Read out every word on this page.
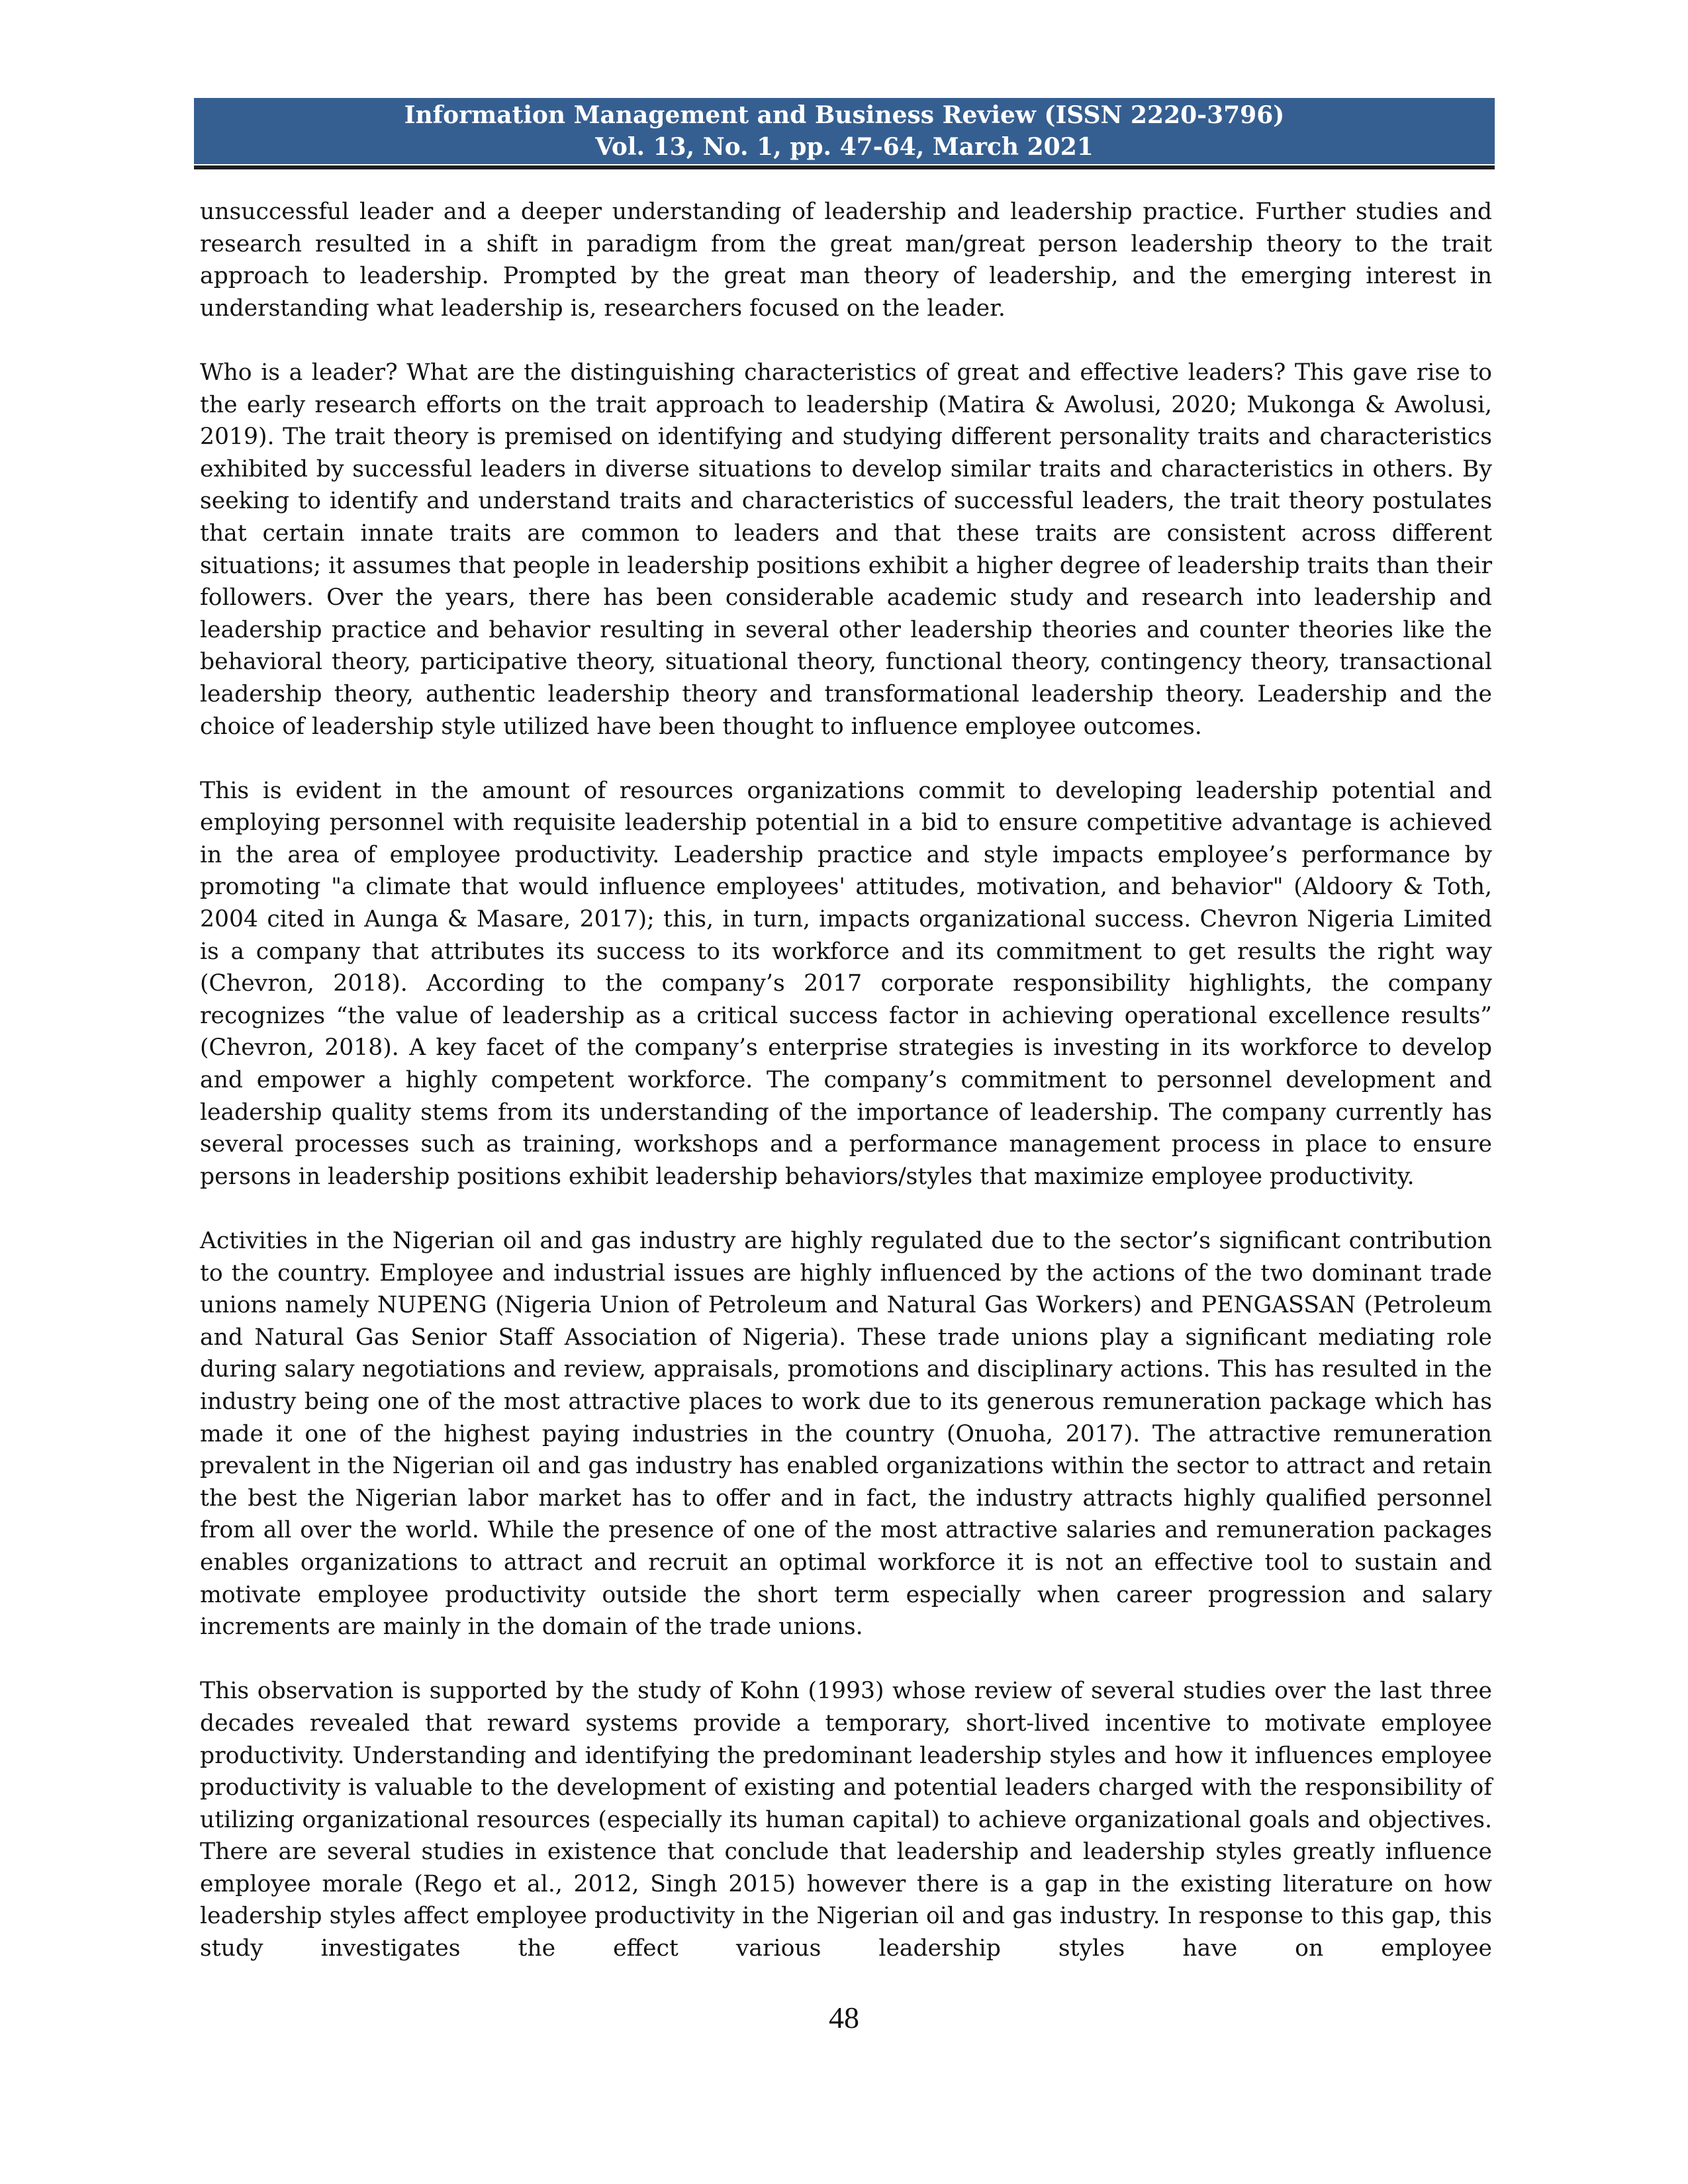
Information Management and Business Review (ISSN 2220-3796)
Vol. 13, No. 1, pp. 47-64, March 2021

unsuccessful leader and a deeper understanding of leadership and leadership practice. Further studies and research resulted in a shift in paradigm from the great man/great person leadership theory to the trait approach to leadership. Prompted by the great man theory of leadership, and the emerging interest in understanding what leadership is, researchers focused on the leader.

Who is a leader? What are the distinguishing characteristics of great and effective leaders? This gave rise to the early research efforts on the trait approach to leadership (Matira & Awolusi, 2020; Mukonga & Awolusi, 2019). The trait theory is premised on identifying and studying different personality traits and characteristics exhibited by successful leaders in diverse situations to develop similar traits and characteristics in others. By seeking to identify and understand traits and characteristics of successful leaders, the trait theory postulates that certain innate traits are common to leaders and that these traits are consistent across different situations; it assumes that people in leadership positions exhibit a higher degree of leadership traits than their followers. Over the years, there has been considerable academic study and research into leadership and leadership practice and behavior resulting in several other leadership theories and counter theories like the behavioral theory, participative theory, situational theory, functional theory, contingency theory, transactional leadership theory, authentic leadership theory and transformational leadership theory. Leadership and the choice of leadership style utilized have been thought to influence employee outcomes.

This is evident in the amount of resources organizations commit to developing leadership potential and employing personnel with requisite leadership potential in a bid to ensure competitive advantage is achieved in the area of employee productivity. Leadership practice and style impacts employee’s performance by promoting "a climate that would influence employees' attitudes, motivation, and behavior" (Aldoory & Toth, 2004 cited in Aunga & Masare, 2017); this, in turn, impacts organizational success. Chevron Nigeria Limited is a company that attributes its success to its workforce and its commitment to get results the right way (Chevron, 2018). According to the company’s 2017 corporate responsibility highlights, the company recognizes “the value of leadership as a critical success factor in achieving operational excellence results” (Chevron, 2018). A key facet of the company’s enterprise strategies is investing in its workforce to develop and empower a highly competent workforce. The company’s commitment to personnel development and leadership quality stems from its understanding of the importance of leadership. The company currently has several processes such as training, workshops and a performance management process in place to ensure persons in leadership positions exhibit leadership behaviors/styles that maximize employee productivity.

Activities in the Nigerian oil and gas industry are highly regulated due to the sector’s significant contribution to the country. Employee and industrial issues are highly influenced by the actions of the two dominant trade unions namely NUPENG (Nigeria Union of Petroleum and Natural Gas Workers) and PENGASSAN (Petroleum and Natural Gas Senior Staff Association of Nigeria). These trade unions play a significant mediating role during salary negotiations and review, appraisals, promotions and disciplinary actions. This has resulted in the industry being one of the most attractive places to work due to its generous remuneration package which has made it one of the highest paying industries in the country (Onuoha, 2017). The attractive remuneration prevalent in the Nigerian oil and gas industry has enabled organizations within the sector to attract and retain the best the Nigerian labor market has to offer and in fact, the industry attracts highly qualified personnel from all over the world. While the presence of one of the most attractive salaries and remuneration packages enables organizations to attract and recruit an optimal workforce it is not an effective tool to sustain and motivate employee productivity outside the short term especially when career progression and salary increments are mainly in the domain of the trade unions.

This observation is supported by the study of Kohn (1993) whose review of several studies over the last three decades revealed that reward systems provide a temporary, short-lived incentive to motivate employee productivity. Understanding and identifying the predominant leadership styles and how it influences employee productivity is valuable to the development of existing and potential leaders charged with the responsibility of utilizing organizational resources (especially its human capital) to achieve organizational goals and objectives. There are several studies in existence that conclude that leadership and leadership styles greatly influence employee morale (Rego et al., 2012, Singh 2015) however there is a gap in the existing literature on how leadership styles affect employee productivity in the Nigerian oil and gas industry. In response to this gap, this study investigates the effect various leadership styles have on employee

48
